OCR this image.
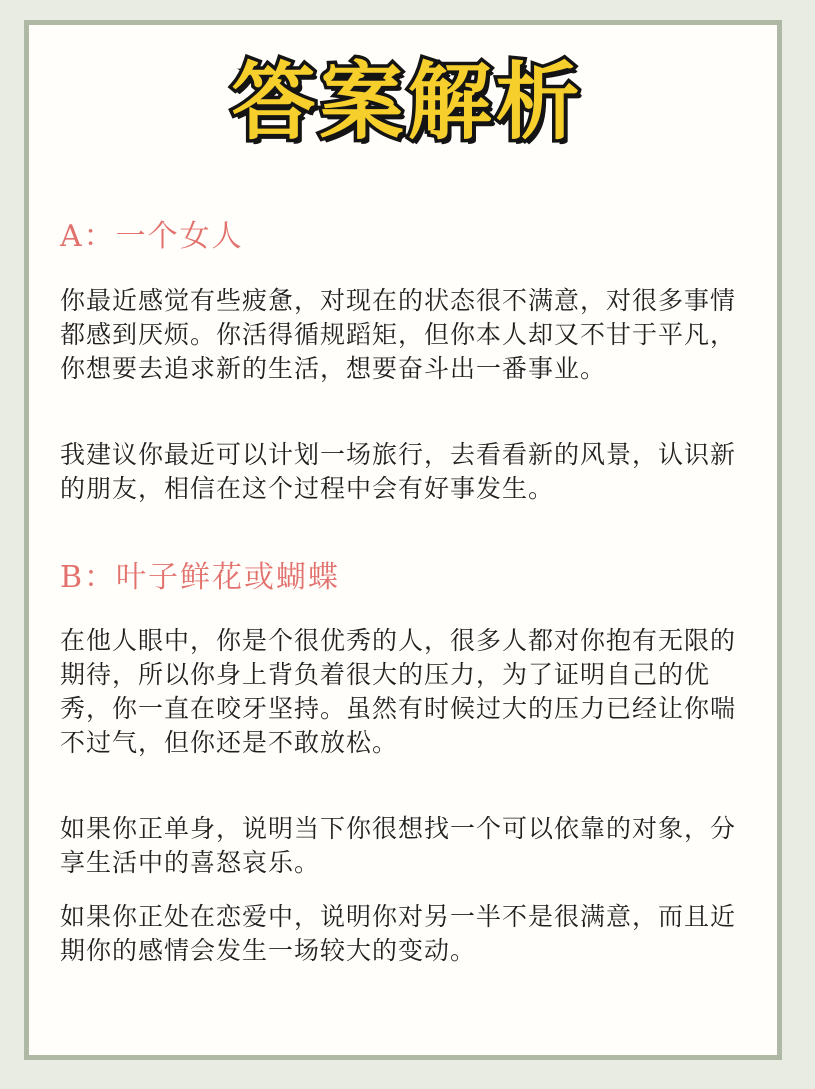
答案解析
A：一个女人

你最近感觉有些疲惫，对现在的状态很不满意，对很多事情都感到厌烦。你活得循规蹈矩，但你本人却又不甘于平凡，你想要去追求新的生活，想要奋斗出一番事业。

我建议你最近可以计划一场旅行，去看看新的风景，认识新的朋友，相信在这个过程中会有好事发生。

B：叶子鲜花或蝴蝶

在他人眼中，你是个很优秀的人，很多人都对你抱有无限的期待，所以你身上背负着很大的压力，为了证明自己的优秀，你一直在咬牙坚持。虽然有时候过大的压力已经让你喘不过气，但你还是不敢放松。

如果你正单身，说明当下你很想找一个可以依靠的对象，分享生活中的喜怒哀乐。

如果你正处在恋爱中，说明你对另一半不是很满意，而且近期你的感情会发生一场较大的变动。
